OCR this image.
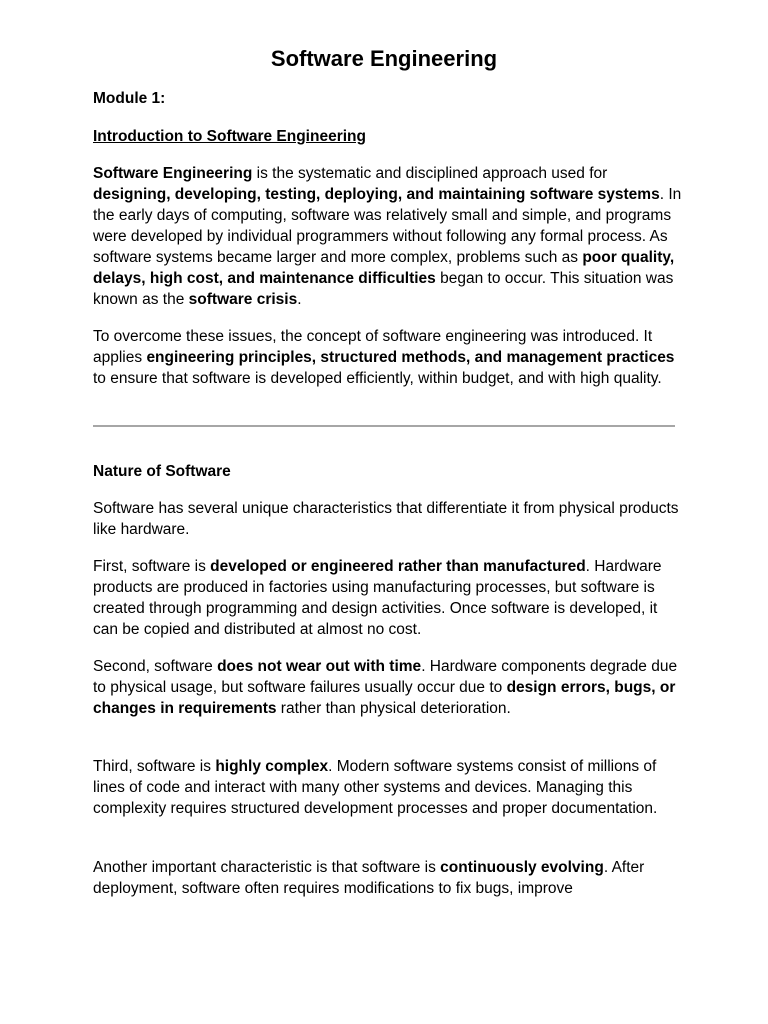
Software Engineering

Module 1:

Introduction to Software Engineering

Software Engineering is the systematic and disciplined approach used for designing, developing, testing, deploying, and maintaining software systems. In the early days of computing, software was relatively small and simple, and programs were developed by individual programmers without following any formal process. As software systems became larger and more complex, problems such as poor quality, delays, high cost, and maintenance difficulties began to occur. This situation was known as the software crisis.

To overcome these issues, the concept of software engineering was introduced. It applies engineering principles, structured methods, and management practices to ensure that software is developed efficiently, within budget, and with high quality.

Nature of Software

Software has several unique characteristics that differentiate it from physical products like hardware.

First, software is developed or engineered rather than manufactured. Hardware products are produced in factories using manufacturing processes, but software is created through programming and design activities. Once software is developed, it can be copied and distributed at almost no cost.

Second, software does not wear out with time. Hardware components degrade due to physical usage, but software failures usually occur due to design errors, bugs, or changes in requirements rather than physical deterioration.

Third, software is highly complex. Modern software systems consist of millions of lines of code and interact with many other systems and devices. Managing this complexity requires structured development processes and proper documentation.

Another important characteristic is that software is continuously evolving. After deployment, software often requires modifications to fix bugs, improve
